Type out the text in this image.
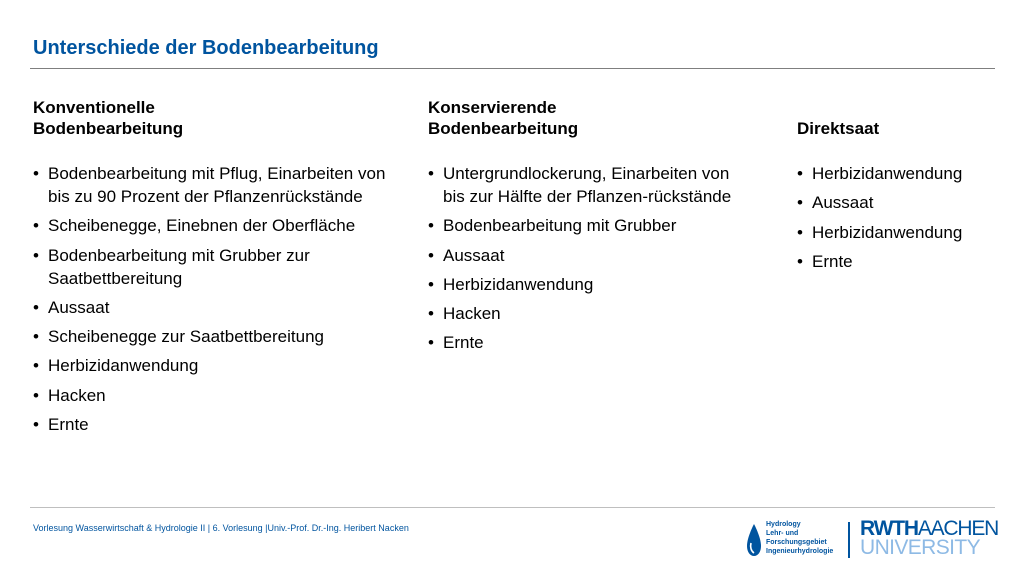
Unterschiede der Bodenbearbeitung
Konventionelle
Bodenbearbeitung
• Bodenbearbeitung mit Pflug, Einarbeiten von bis zu 90 Prozent der Pflanzenrückstände
• Scheibenegge, Einebnen der Oberfläche
• Bodenbearbeitung mit Grubber zur Saatbettbereitung
• Aussaat
• Scheibenegge zur Saatbettbereitung
• Herbizidanwendung
• Hacken
• Ernte
Konservierende
Bodenbearbeitung
• Untergrundlockerung, Einarbeiten von bis zur Hälfte der Pflanzen-rückstände
• Bodenbearbeitung mit Grubber
• Aussaat
• Herbizidanwendung
• Hacken
• Ernte
Direktsaat
• Herbizidanwendung
• Aussaat
• Herbizidanwendung
• Ernte
Vorlesung Wasserwirtschaft & Hydrologie II | 6. Vorlesung |Univ.-Prof. Dr.-Ing. Heribert Nacken	Hydrology
Lehr- und
Forschungsgebiet
Ingenieurhydrologie
RWTHAACHEN
UNIVERSITY
